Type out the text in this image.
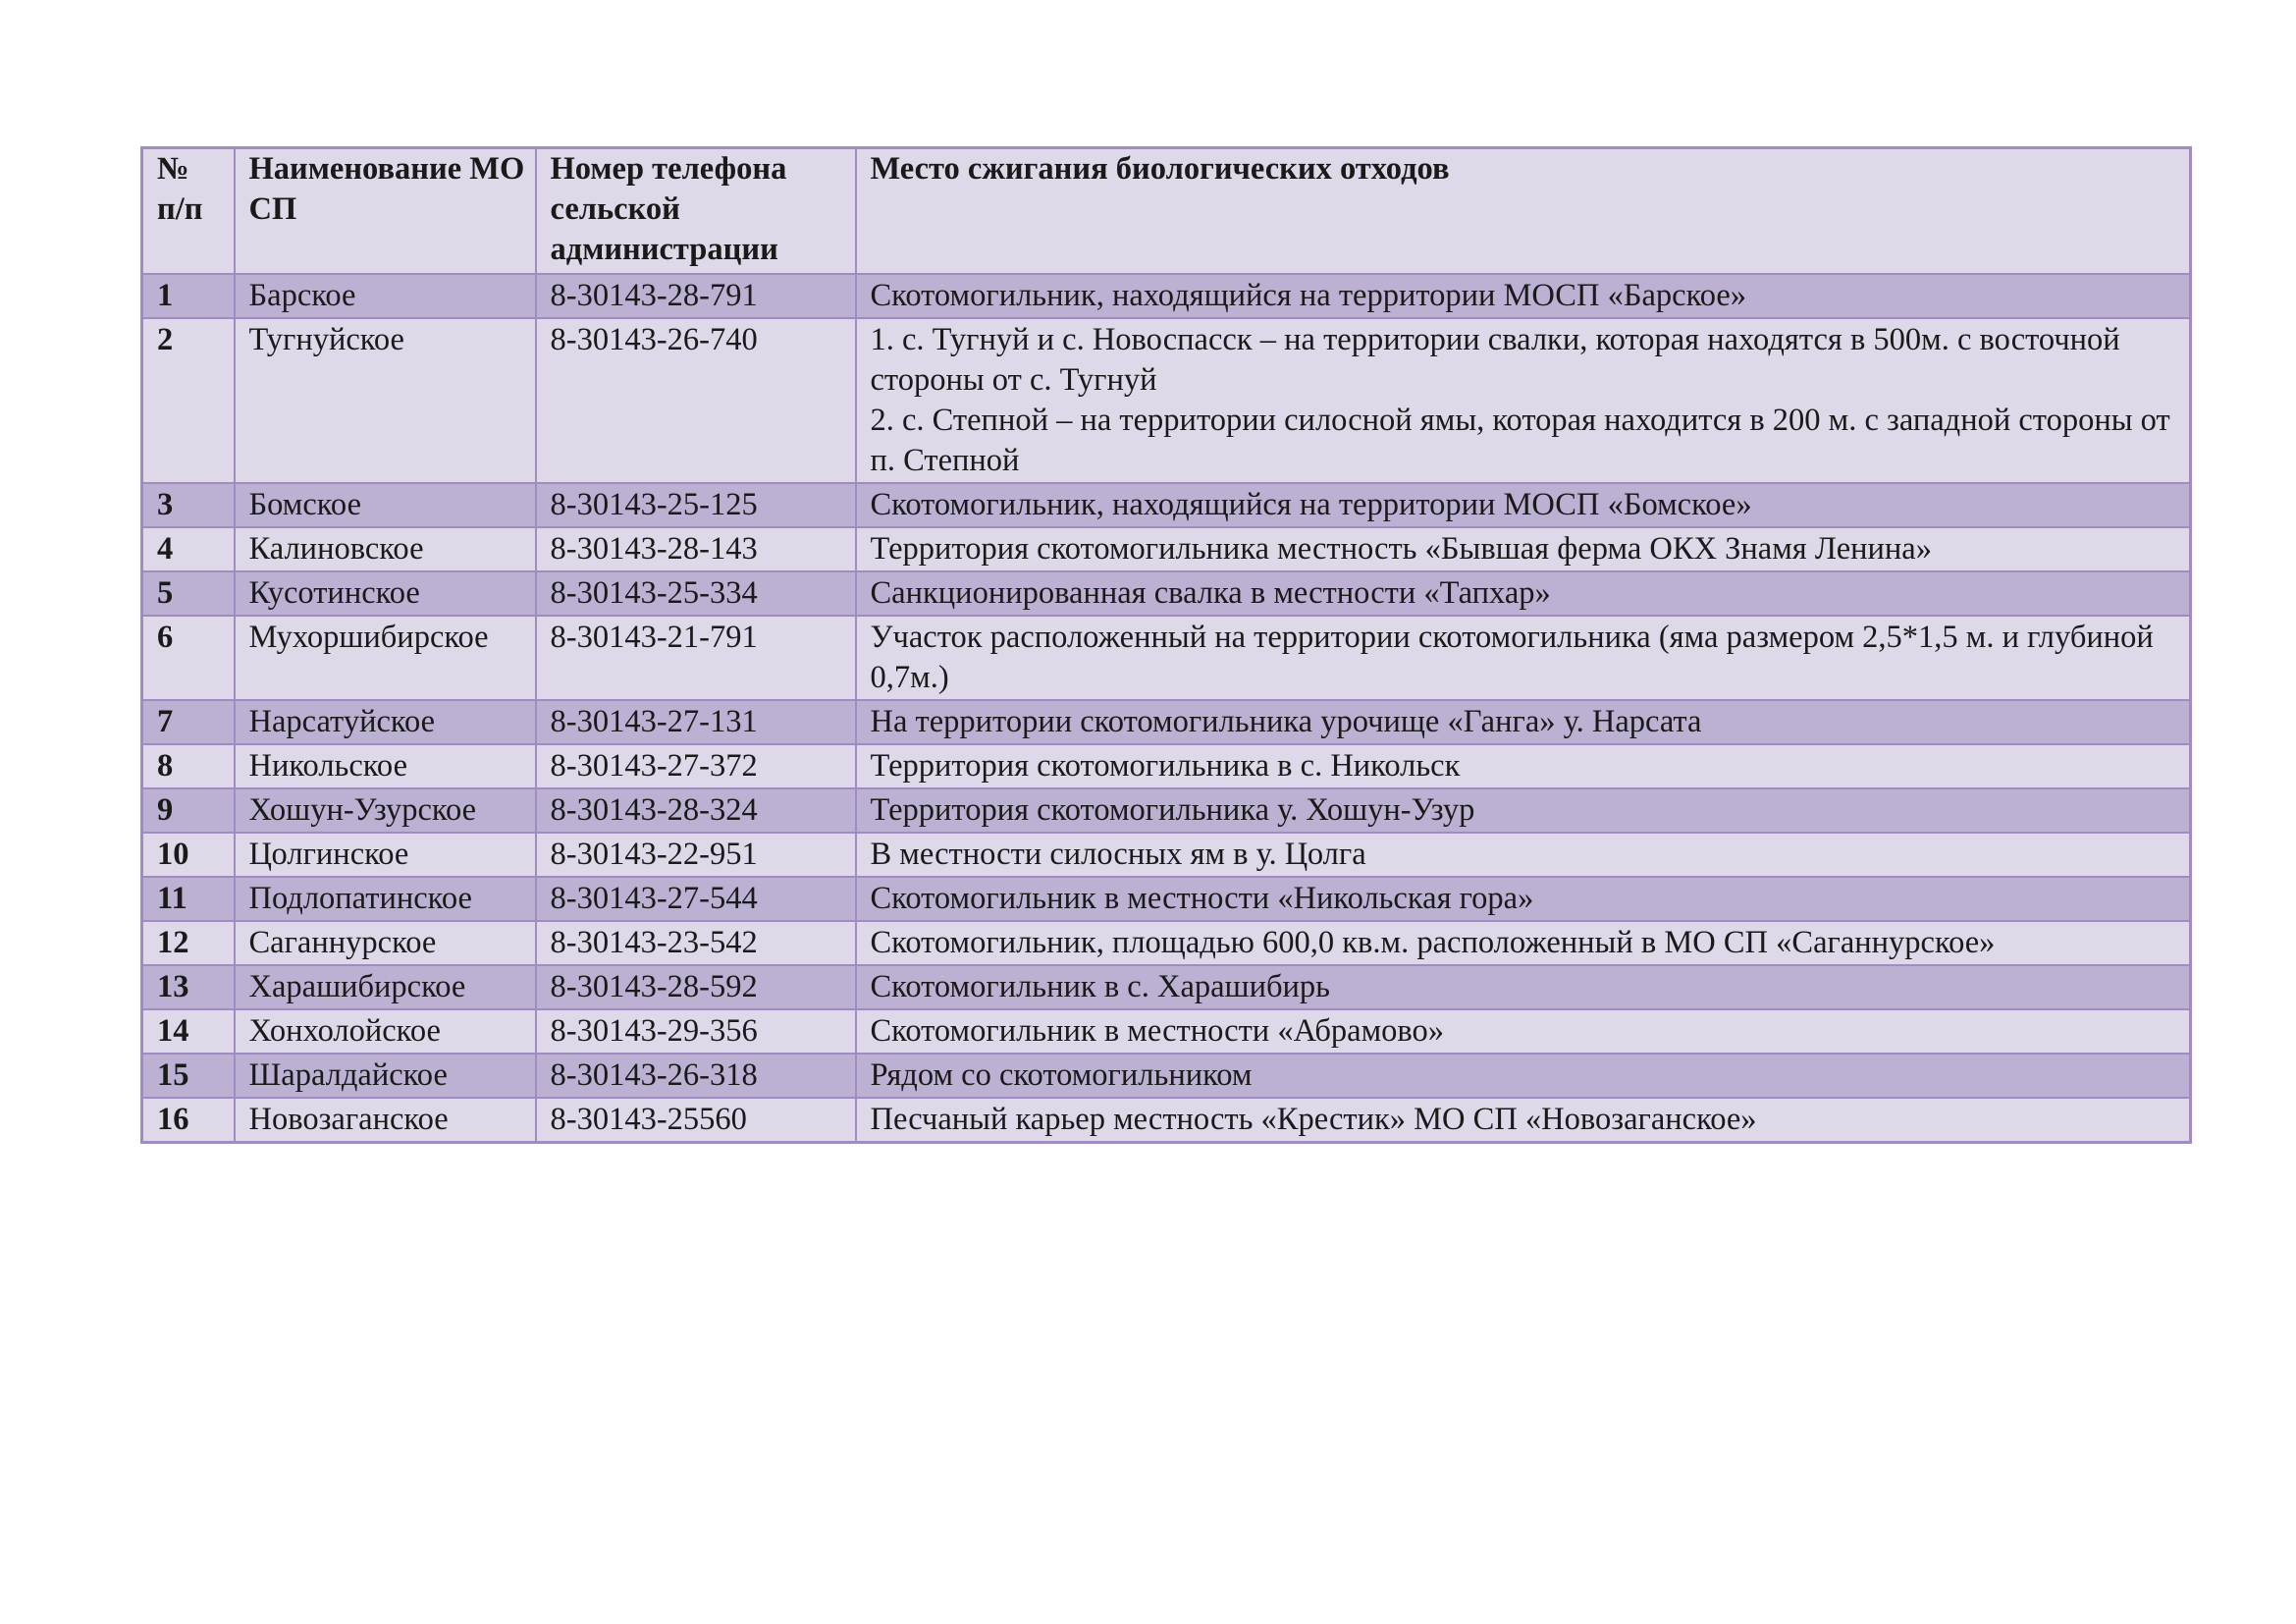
№ п/п	Наименование МО СП	Номер телефона сельской администрации	Место сжигания биологических отходов
1	Барское	8-30143-28-791	Скотомогильник, находящийся на территории МОСП «Барское»

2	Тугнуйское	8-30143-26-740	1. с. Тугнуй и с. Новоспасск – на территории свалки, которая находятся в 500м. с восточной стороны от с. Тугнуй
2. с. Степной – на территории силосной ямы, которая находится в 200 м. с западной стороны от п. Степной

3	Бомское	8-30143-25-125	Скотомогильник, находящийся на территории МОСП «Бомское»

4	Калиновское	8-30143-28-143	Территория скотомогильника местность «Бывшая ферма ОКХ Знамя Ленина»

5	Кусотинское	8-30143-25-334	Санкционированная свалка в местности «Тапхар»

6	Мухоршибирское	8-30143-21-791	Участок расположенный на территории скотомогильника (яма размером 2,5*1,5 м. и глубиной 0,7м.)

7	Нарсатуйское	8-30143-27-131	На территории скотомогильника урочище «Ганга» у. Нарсата

8	Никольское	8-30143-27-372	Территория скотомогильника в с. Никольск

9	Хошун-Узурское	8-30143-28-324	Территория скотомогильника у. Хошун-Узур

10	Цолгинское	8-30143-22-951	В местности силосных ям в у. Цолга

11	Подлопатинское	8-30143-27-544	Скотомогильник в местности «Никольская гора»

12	Саганнурское	8-30143-23-542	Скотомогильник, площадью 600,0 кв.м. расположенный в МО СП «Саганнурское»

13	Харашибирское	8-30143-28-592	Скотомогильник в с. Харашибирь

14	Хонхолойское	8-30143-29-356	Скотомогильник в местности «Абрамово»

15	Шаралдайское	8-30143-26-318	Рядом со скотомогильником

16	Новозаганское	8-30143-25560	Песчаный карьер местность «Крестик» МО СП «Новозаганское»
